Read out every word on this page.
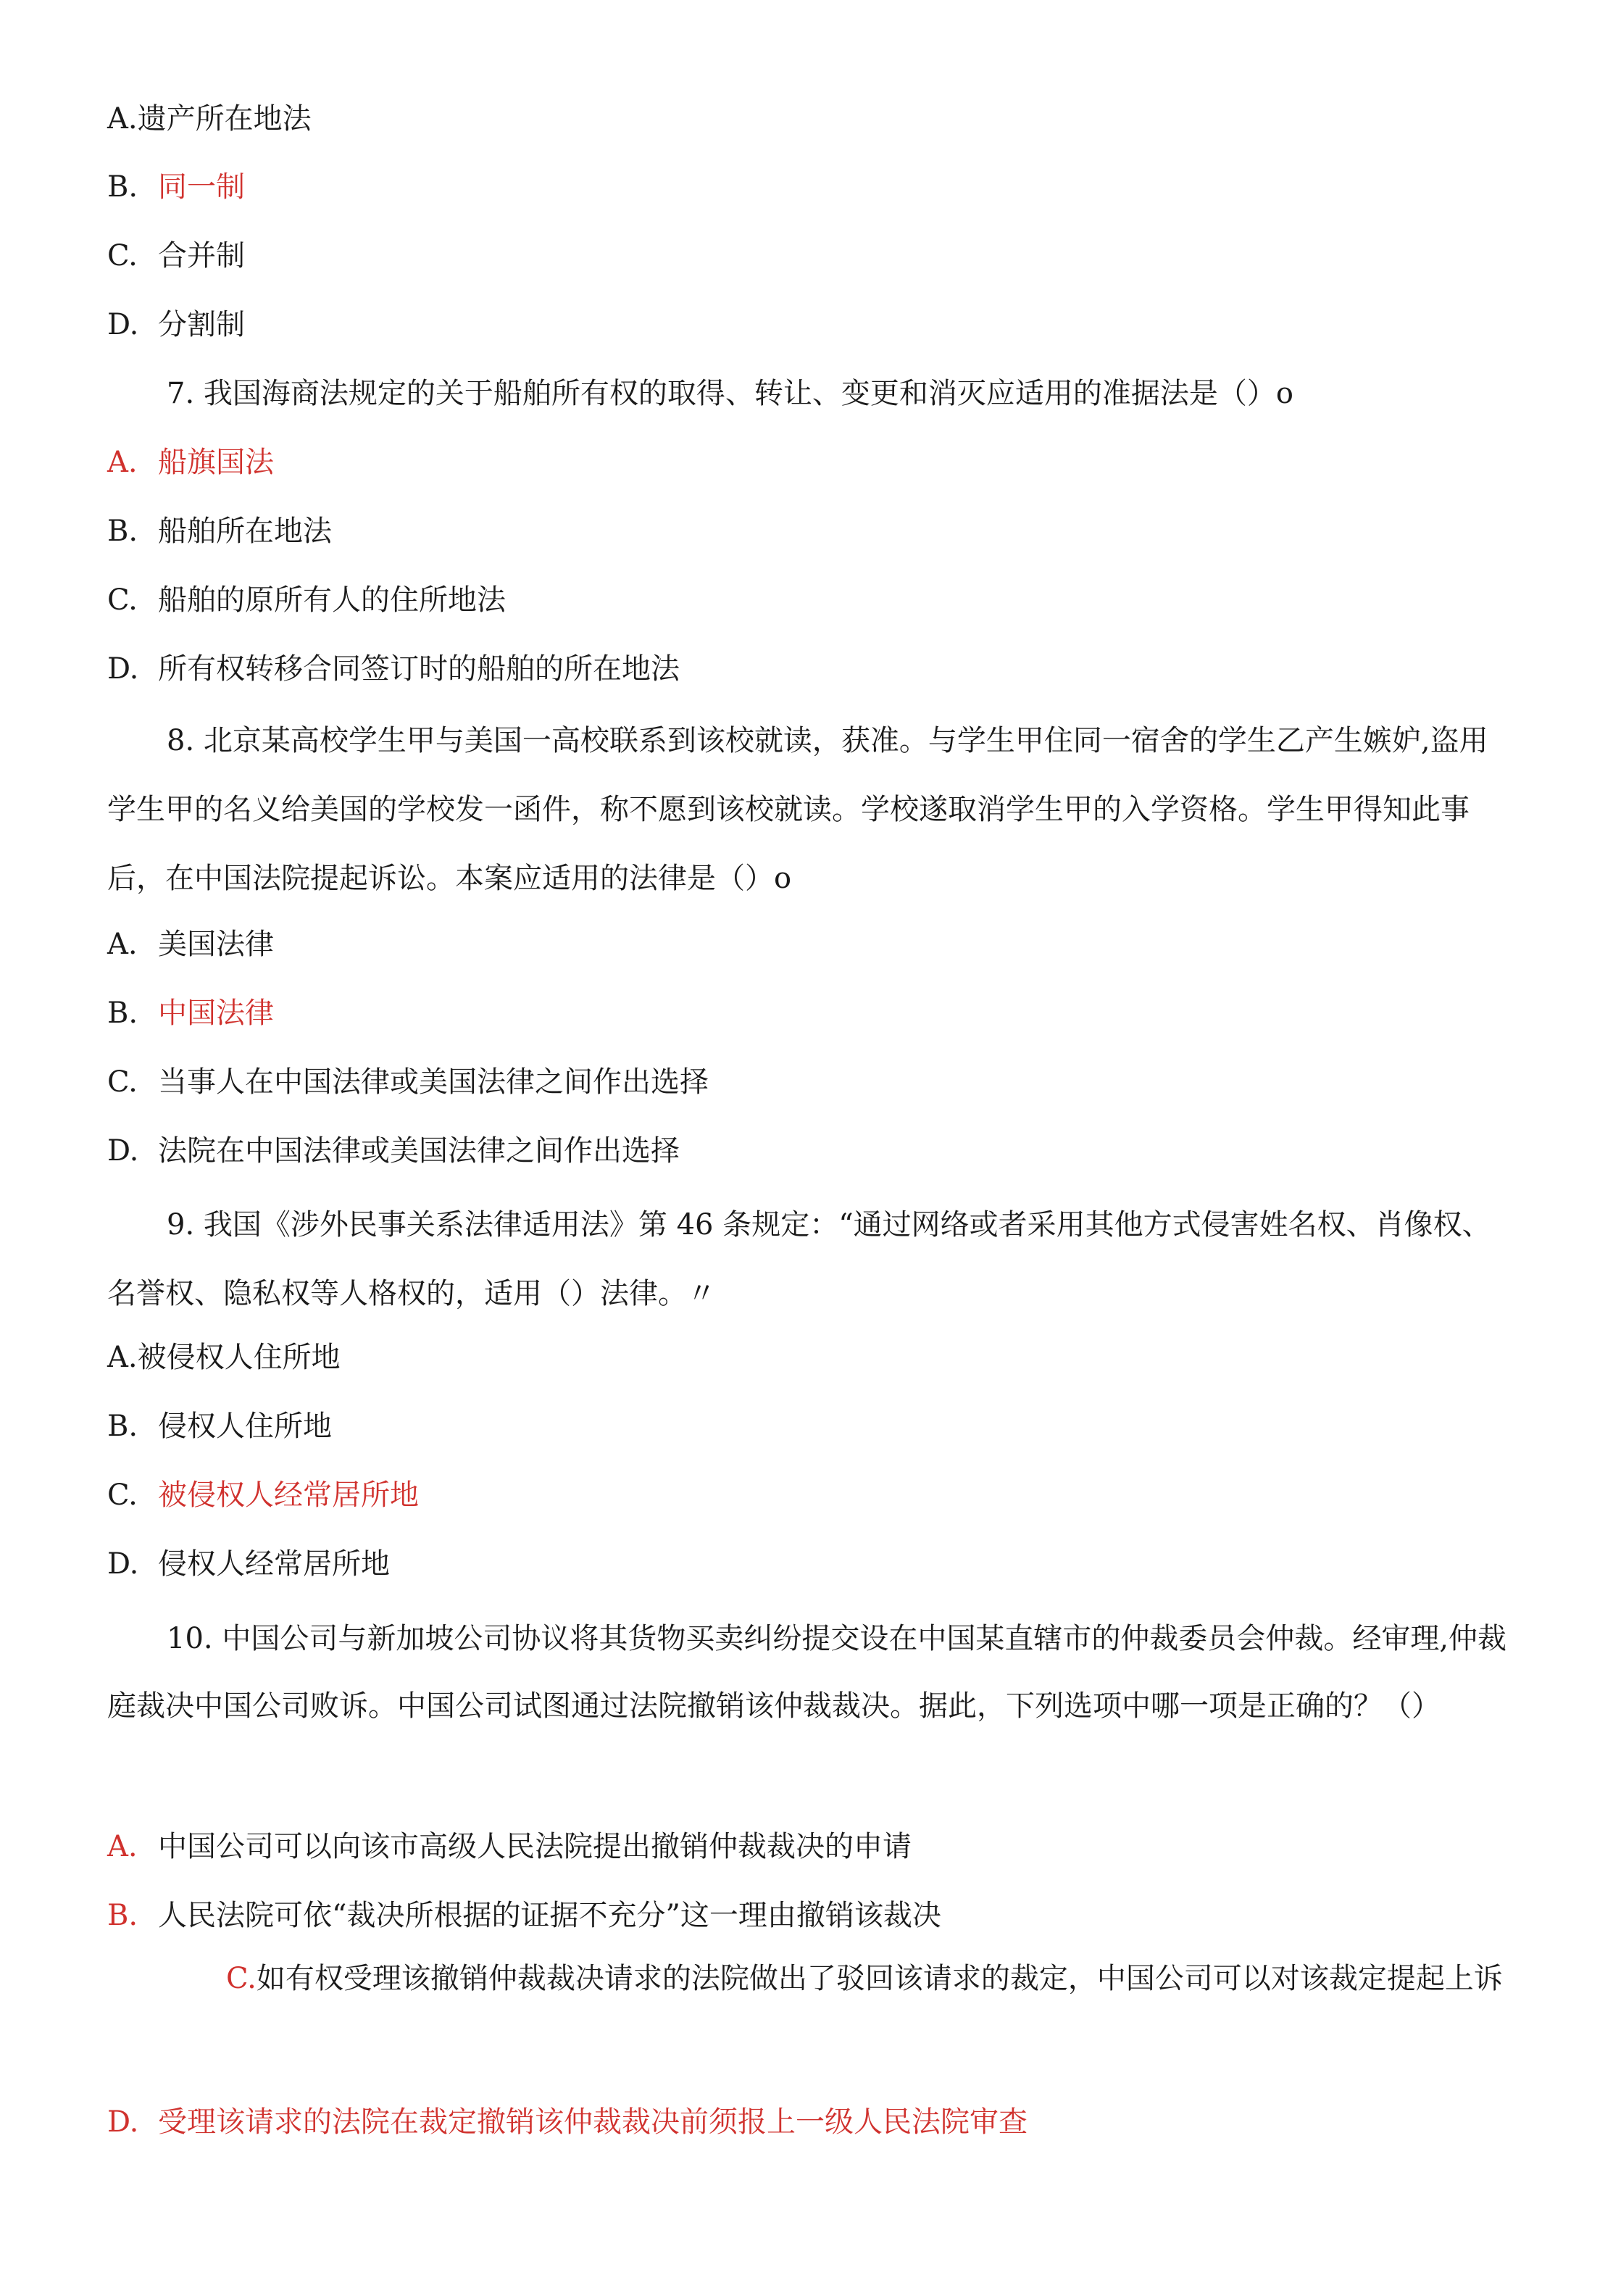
A.遗产所在地法
B. 同一制
C. 合并制
D. 分割制
7. 我国海商法规定的关于船舶所有权的取得、转让、变更和消灭应适用的准据法是（）o
A. 船旗国法
B. 船舶所在地法
C. 船舶的原所有人的住所地法
D. 所有权转移合同签订时的船舶的所在地法
8. 北京某高校学生甲与美国一高校联系到该校就读，获准。与学生甲住同一宿舍的学生乙产生嫉妒,盗用学生甲的名义给美国的学校发一函件，称不愿到该校就读。学校遂取消学生甲的入学资格。学生甲得知此事后，在中国法院提起诉讼。本案应适用的法律是（）o
A. 美国法律
B. 中国法律
C. 当事人在中国法律或美国法律之间作出选择
D. 法院在中国法律或美国法律之间作出选择
9. 我国《涉外民事关系法律适用法》第 46 条规定：“通过网络或者采用其他方式侵害姓名权、肖像权、名誉权、隐私权等人格权的，适用（）法律。〃
A.被侵权人住所地
B. 侵权人住所地
C. 被侵权人经常居所地
D. 侵权人经常居所地
10. 中国公司与新加坡公司协议将其货物买卖纠纷提交设在中国某直辖市的仲裁委员会仲裁。经审理,仲裁庭裁决中国公司败诉。中国公司试图通过法院撤销该仲裁裁决。据此，下列选项中哪一项是正确的？（）
A. 中国公司可以向该市高级人民法院提出撤销仲裁裁决的申请
B. 人民法院可依“裁决所根据的证据不充分”这一理由撤销该裁决
C.如有权受理该撤销仲裁裁决请求的法院做出了驳回该请求的裁定，中国公司可以对该裁定提起上诉
D. 受理该请求的法院在裁定撤销该仲裁裁决前须报上一级人民法院审查
